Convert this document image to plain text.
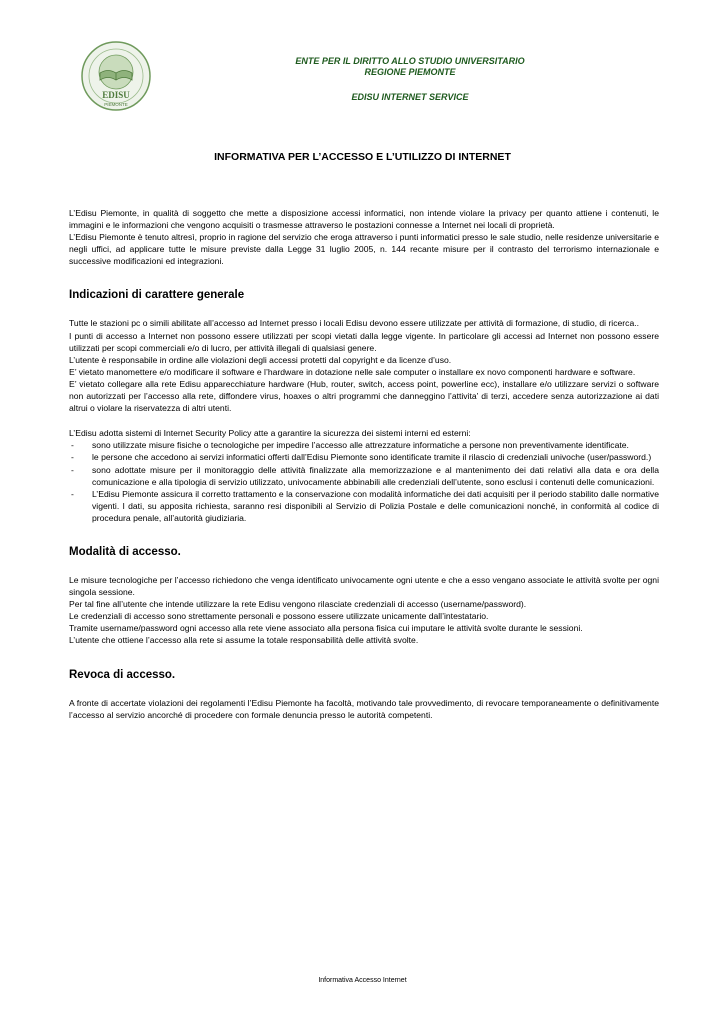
EDISU
PIEMONTE
ENTE PER IL DIRITTO ALLO STUDIO UNIVERSITARIO
REGIONE PIEMONTE
EDISU INTERNET SERVICE
INFORMATIVA PER L’ACCESSO E L’UTILIZZO DI INTERNET

L’Edisu Piemonte, in qualità di soggetto che mette a disposizione accessi informatici, non intende violare la privacy per quanto attiene i contenuti, le immagini e le informazioni che vengono acquisiti o trasmesse attraverso le postazioni connesse a Internet nei locali di proprietà.

L’Edisu Piemonte è tenuto altresì, proprio in ragione del servizio che eroga attraverso i punti informatici presso le sale studio, nelle residenze universitarie e negli uffici, ad applicare tutte le misure previste dalla Legge 31 luglio 2005, n. 144 recante misure per il contrasto del terrorismo internazionale e successive modificazioni ed integrazioni.

Indicazioni di carattere generale

Tutte le stazioni pc o simili abilitate all’accesso ad Internet presso i locali Edisu devono essere utilizzate per attività di formazione, di studio, di ricerca..

I punti di accesso a Internet non possono essere utilizzati per scopi vietati dalla legge vigente. In particolare gli accessi ad Internet non possono essere utilizzati per scopi commerciali e/o di lucro, per attività illegali di qualsiasi genere.

L’utente è responsabile in ordine alle violazioni degli accessi protetti dal copyright e da licenze d’uso.

E’ vietato manomettere e/o modificare il software e l’hardware in dotazione nelle sale computer o installare ex novo componenti hardware e software.

E’ vietato collegare alla rete Edisu apparecchiature hardware (Hub, router, switch, access point, powerline ecc), installare e/o utilizzare servizi o software non autorizzati per l’accesso alla rete, diffondere virus, hoaxes o altri programmi che danneggino l’attivita’ di terzi, accedere senza autorizzazione ai dati altrui o violare la riservatezza di altri utenti.

L’Edisu adotta sistemi di Internet Security Policy atte a garantire la sicurezza dei sistemi interni ed esterni:

- sono utilizzate misure fisiche o tecnologiche per impedire l’accesso alle attrezzature informatiche a persone non preventivamente identificate.
- le persone che accedono ai servizi informatici offerti dall’Edisu Piemonte sono identificate tramite il rilascio di credenziali univoche (user/password.)
- sono adottate misure per il monitoraggio delle attività finalizzate alla memorizzazione e al mantenimento dei dati relativi alla data e ora della comunicazione e alla tipologia di servizio utilizzato, univocamente abbinabili alle credenziali dell’utente, sono esclusi i contenuti delle comunicazioni.
- L’Edisu Piemonte assicura il corretto trattamento e la conservazione con modalità informatiche dei dati acquisiti per il periodo stabilito dalle normative vigenti. I dati, su apposita richiesta, saranno resi disponibili al Servizio di Polizia Postale e delle comunicazioni nonché, in conformità al codice di procedura penale, all’autorità giudiziaria.
Modalità di accesso.

Le misure tecnologiche per l’accesso richiedono che venga identificato univocamente ogni utente e che a esso vengano associate le attività svolte per ogni singola sessione.

Per tal fine all’utente che intende utilizzare la rete Edisu vengono rilasciate credenziali di accesso (username/password).

Le credenziali di accesso sono strettamente personali e possono essere utilizzate unicamente dall’intestatario.

Tramite username/password ogni accesso alla rete viene associato alla persona fisica cui imputare le attività svolte durante le sessioni.

L’utente che ottiene l’accesso alla rete si assume la totale responsabilità delle attività svolte.

Revoca di accesso.

A fronte di accertate violazioni dei regolamenti l’Edisu Piemonte ha facoltà, motivando tale provvedimento, di revocare temporaneamente o definitivamente l’accesso al servizio ancorché di procedere con formale denuncia presso le autorità competenti.

Informativa Accesso Internet
